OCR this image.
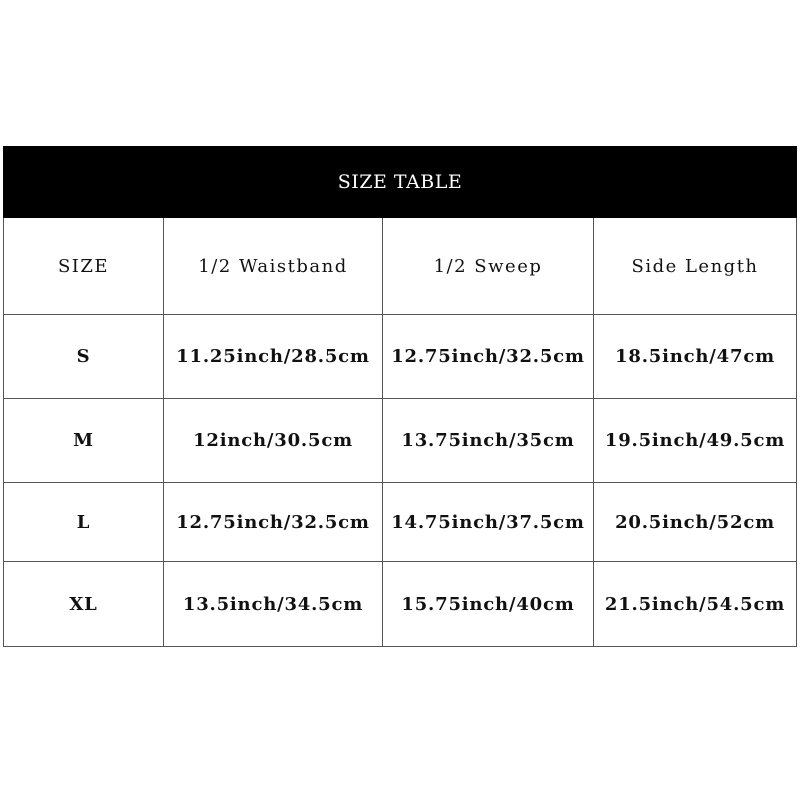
SIZE TABLE			
SIZE	1/2 Waistband	1/2 Sweep	Side Length
S	11.25inch/28.5cm	12.75inch/32.5cm	18.5inch/47cm
M	12inch/30.5cm	13.75inch/35cm	19.5inch/49.5cm
L	12.75inch/32.5cm	14.75inch/37.5cm	20.5inch/52cm
XL	13.5inch/34.5cm	15.75inch/40cm	21.5inch/54.5cm
